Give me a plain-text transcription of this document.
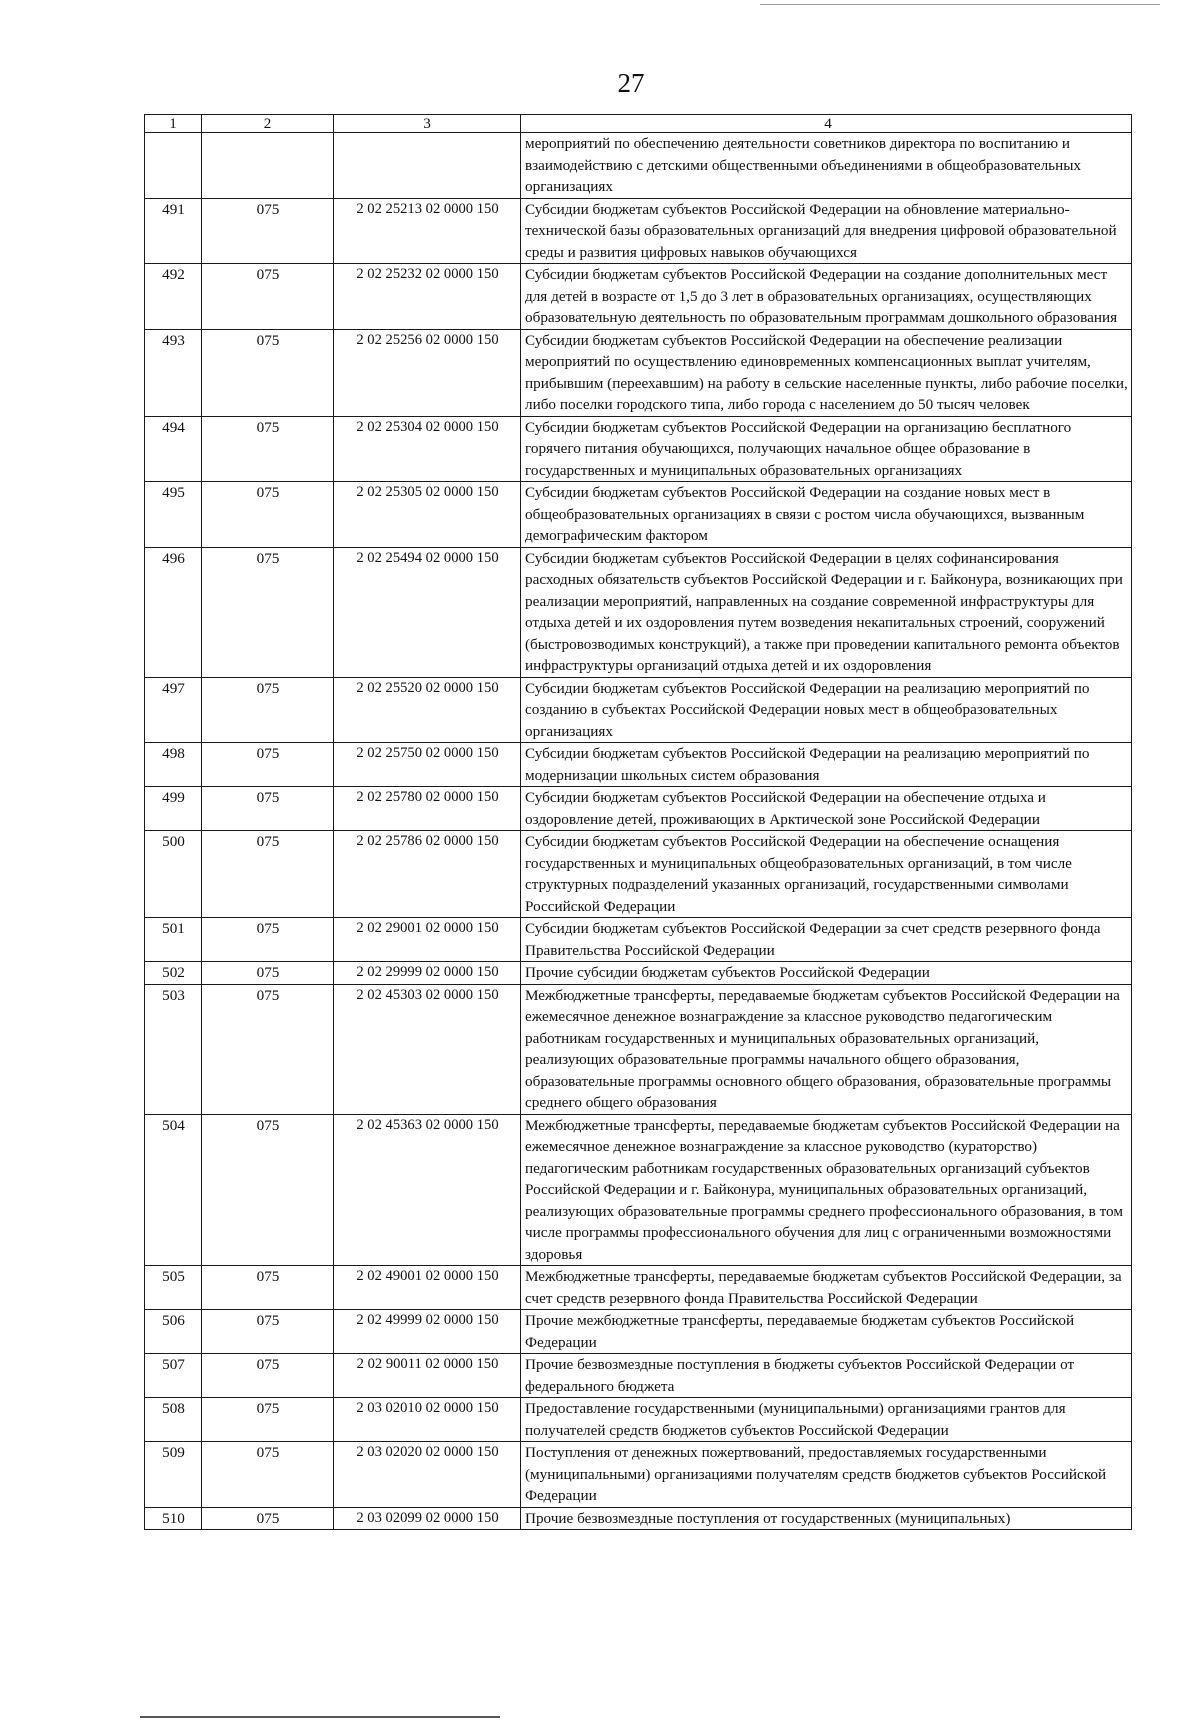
27
1	2	3	4
			мероприятий по обеспечению деятельности советников директора по воспитанию и взаимодействию с детскими общественными объединениями в общеобразовательных организациях
491	075	2 02 25213 02 0000 150	Субсидии бюджетам субъектов Российской Федерации на обновление материально-технической базы образовательных организаций для внедрения цифровой образовательной среды и развития цифровых навыков обучающихся
492	075	2 02 25232 02 0000 150	Субсидии бюджетам субъектов Российской Федерации на создание дополнительных мест для детей в возрасте от 1,5 до 3 лет в образовательных организациях, осуществляющих образовательную деятельность по образовательным программам дошкольного образования
493	075	2 02 25256 02 0000 150	Субсидии бюджетам субъектов Российской Федерации на обеспечение реализации мероприятий по осуществлению единовременных компенсационных выплат учителям, прибывшим (переехавшим) на работу в сельские населенные пункты, либо рабочие поселки, либо поселки городского типа, либо города с населением до 50 тысяч человек
494	075	2 02 25304 02 0000 150	Субсидии бюджетам субъектов Российской Федерации на организацию бесплатного горячего питания обучающихся, получающих начальное общее образование в государственных и муниципальных образовательных организациях
495	075	2 02 25305 02 0000 150	Субсидии бюджетам субъектов Российской Федерации на создание новых мест в общеобразовательных организациях в связи с ростом числа обучающихся, вызванным демографическим фактором
496	075	2 02 25494 02 0000 150	Субсидии бюджетам субъектов Российской Федерации в целях софинансирования расходных обязательств субъектов Российской Федерации и г. Байконура, возникающих при реализации мероприятий, направленных на создание современной инфраструктуры для отдыха детей и их оздоровления путем возведения некапитальных строений, сооружений (быстровозводимых конструкций), а также при проведении капитального ремонта объектов инфраструктуры организаций отдыха детей и их оздоровления
497	075	2 02 25520 02 0000 150	Субсидии бюджетам субъектов Российской Федерации на реализацию мероприятий по созданию в субъектах Российской Федерации новых мест в общеобразовательных организациях
498	075	2 02 25750 02 0000 150	Субсидии бюджетам субъектов Российской Федерации на реализацию мероприятий по модернизации школьных систем образования
499	075	2 02 25780 02 0000 150	Субсидии бюджетам субъектов Российской Федерации на обеспечение отдыха и оздоровление детей, проживающих в Арктической зоне Российской Федерации
500	075	2 02 25786 02 0000 150	Субсидии бюджетам субъектов Российской Федерации на обеспечение оснащения государственных и муниципальных общеобразовательных организаций, в том числе структурных подразделений указанных организаций, государственными символами Российской Федерации
501	075	2 02 29001 02 0000 150	Субсидии бюджетам субъектов Российской Федерации за счет средств резервного фонда Правительства Российской Федерации
502	075	2 02 29999 02 0000 150	Прочие субсидии бюджетам субъектов Российской Федерации
503	075	2 02 45303 02 0000 150	Межбюджетные трансферты, передаваемые бюджетам субъектов Российской Федерации на ежемесячное денежное вознаграждение за классное руководство педагогическим работникам государственных и муниципальных образовательных организаций, реализующих образовательные программы начального общего образования, образовательные программы основного общего образования, образовательные программы среднего общего образования
504	075	2 02 45363 02 0000 150	Межбюджетные трансферты, передаваемые бюджетам субъектов Российской Федерации на ежемесячное денежное вознаграждение за классное руководство (кураторство) педагогическим работникам государственных образовательных организаций субъектов Российской Федерации и г. Байконура, муниципальных образовательных организаций, реализующих образовательные программы среднего профессионального образования, в том числе программы профессионального обучения для лиц с ограниченными возможностями здоровья
505	075	2 02 49001 02 0000 150	Межбюджетные трансферты, передаваемые бюджетам субъектов Российской Федерации, за счет средств резервного фонда Правительства Российской Федерации
506	075	2 02 49999 02 0000 150	Прочие межбюджетные трансферты, передаваемые бюджетам субъектов Российской Федерации
507	075	2 02 90011 02 0000 150	Прочие безвозмездные поступления в бюджеты субъектов Российской Федерации от федерального бюджета
508	075	2 03 02010 02 0000 150	Предоставление государственными (муниципальными) организациями грантов для получателей средств бюджетов субъектов Российской Федерации
509	075	2 03 02020 02 0000 150	Поступления от денежных пожертвований, предоставляемых государственными (муниципальными) организациями получателям средств бюджетов субъектов Российской Федерации
510	075	2 03 02099 02 0000 150	Прочие безвозмездные поступления от государственных (муниципальных)
